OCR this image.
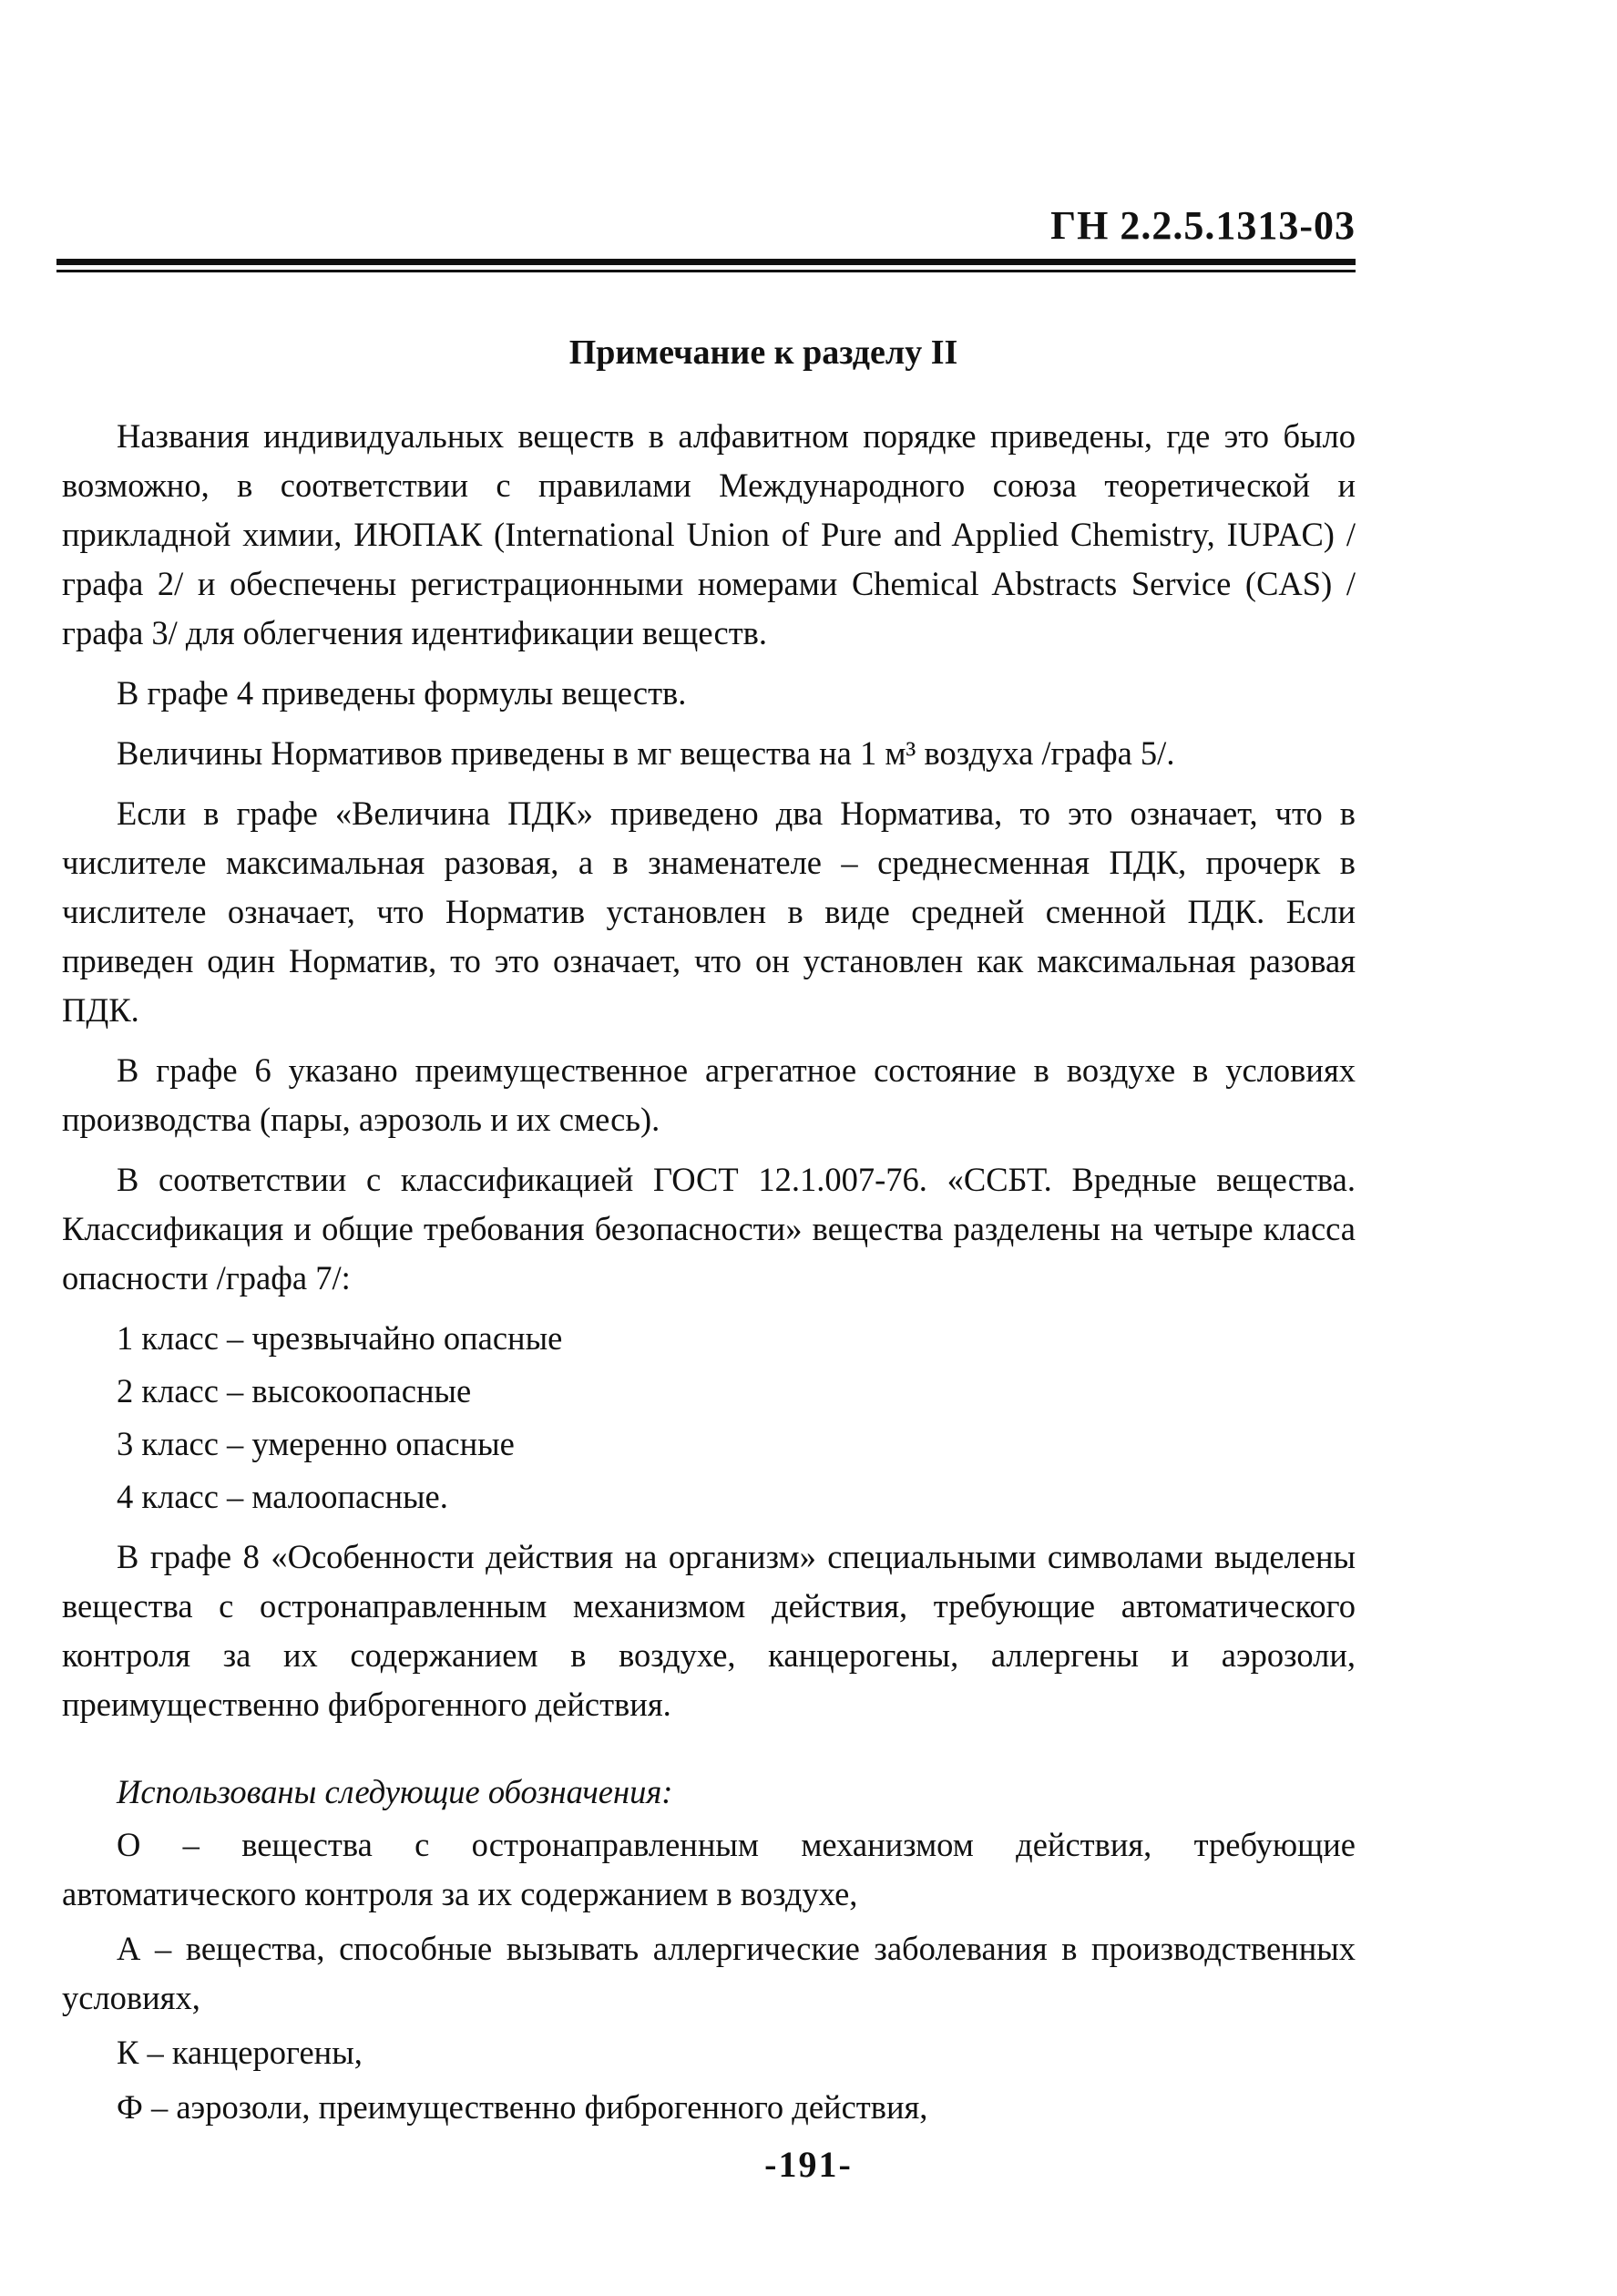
ГН 2.2.5.1313-03
Примечание к разделу II

Названия индивидуальных веществ в алфавитном порядке приведены, где это было возможно, в соответствии с правилами Международного союза теоретической и прикладной химии, ИЮПАК (International Union of Pure and Applied Chemistry, IUPAC) /графа 2/ и обеспечены регистрационными номерами Chemical Abstracts Service (CAS) /графа 3/ для облегчения идентификации веществ.

В графе 4 приведены формулы веществ.

Величины Нормативов приведены в мг вещества на 1 м³ воздуха /графа 5/.

Если в графе «Величина ПДК» приведено два Норматива, то это означает, что в числителе максимальная разовая, а в знаменателе – среднесменная ПДК, прочерк в числителе означает, что Норматив установлен в виде средней сменной ПДК. Если приведен один Норматив, то это означает, что он установлен как максимальная разовая ПДК.

В графе 6 указано преимущественное агрегатное состояние в воздухе в условиях производства (пары, аэрозоль и их смесь).

В соответствии с классификацией ГОСТ 12.1.007-76. «ССБТ. Вредные вещества. Классификация и общие требования безопасности» вещества разделены на четыре класса опасности /графа 7/:

1 класс – чрезвычайно опасные
2 класс – высокоопасные
3 класс – умеренно опасные
4 класс – малоопасные.

В графе 8 «Особенности действия на организм» специальными символами выделены вещества с остронаправленным механизмом действия, требующие автоматического контроля за их содержанием в воздухе, канцерогены, аллергены и аэрозоли, преимущественно фиброгенного действия.

Использованы следующие обозначения:
О – вещества с остронаправленным механизмом действия, требующие автоматического контроля за их содержанием в воздухе,
А – вещества, способные вызывать аллергические заболевания в производственных условиях,
К – канцерогены,
Ф – аэрозоли, преимущественно фиброгенного действия,
-191-
